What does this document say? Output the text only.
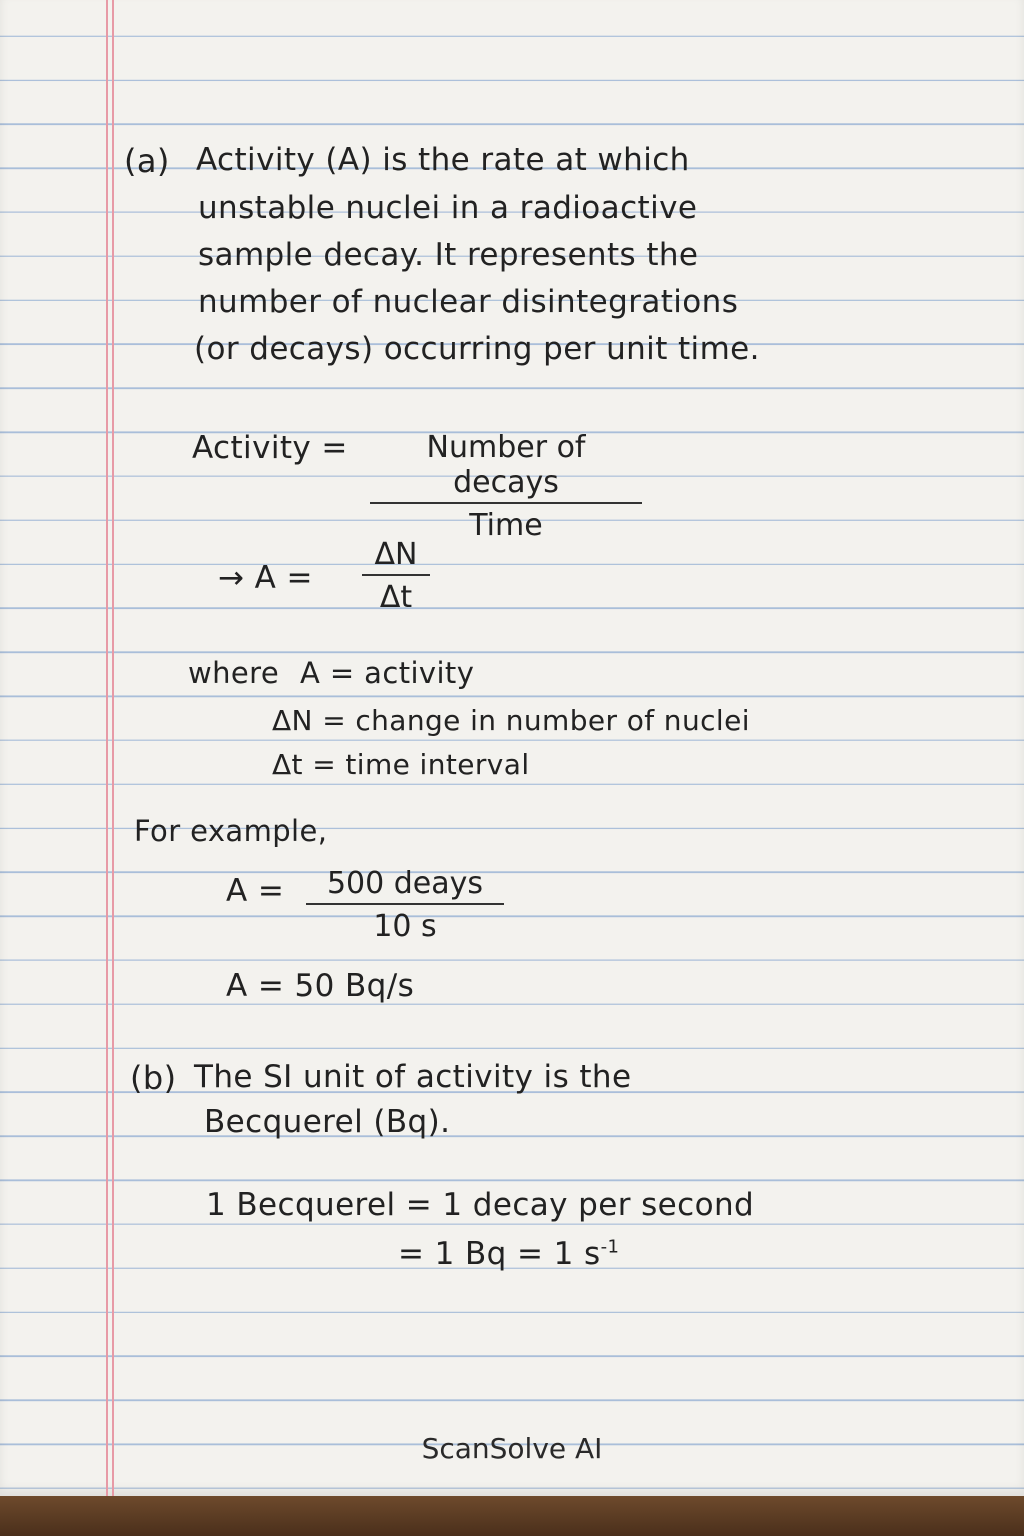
(a) Activity (A) is the rate at which
unstable nuclei in a radioactive
sample decay. It represents the
number of nuclear disintegrations
(or decays) occurring per unit time.
Activity =	Number of decays
Time
→ $A = \frac{\Delta N}{\Delta t}$
where A = activity
ΔN = change in number of nuclei
Δt = time interval
For example,
A =	500 deays
10 s
A = 50 Bq/s
(b) The SI unit of activity is the
Becquerel (Bq).
1 Becquerel = 1 decay per second
= 1 Bq = 1 $s^{-1}$
ScanSolve AI
